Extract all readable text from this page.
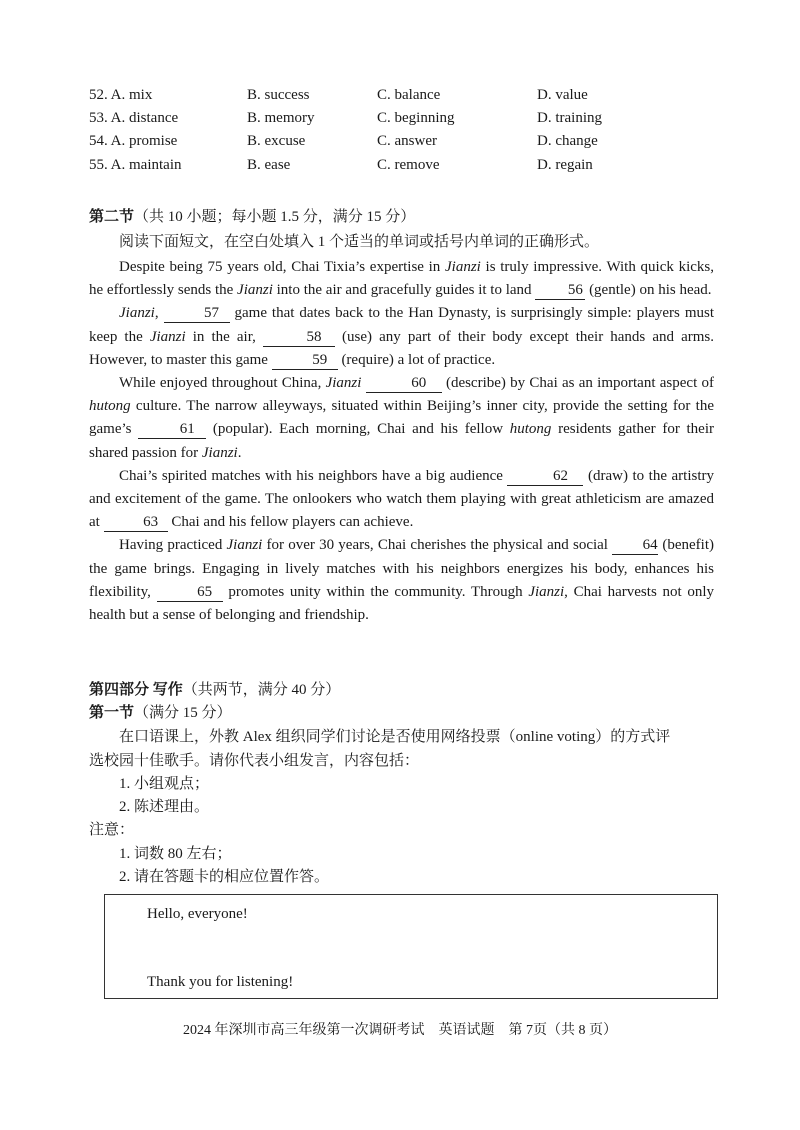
52. A. mix	B. success	C. balance	D. value
53. A. distance	B. memory	C. beginning	D. training
54. A. promise	B. excuse	C. answer	D. change
55. A. maintain	B. ease	C. remove	D. regain
第二节（共 10 小题；每小题 1.5 分，满分 15 分）
阅读下面短文，在空白处填入 1 个适当的单词或括号内单词的正确形式。

Despite being 75 years old, Chai Tixia’s expertise in Jianzi is truly impressive. With quick kicks, he effortlessly sends the Jianzi into the air and gracefully guides it to land 56 (gentle) on his head.

Jianzi,	57 game that dates back to the Han Dynasty, is surprisingly simple: players must keep the Jianzi in the air,	58 (use) any part of their body except their hands and arms. However, to master this game	59 (require) a lot of practice.

While enjoyed throughout China, Jianzi	60 (describe) by Chai as an important aspect of hutong culture. The narrow alleyways, situated within Beijing’s inner city, provide the setting for the game’s	61 (popular). Each morning, Chai and his fellow hutong residents gather for their shared passion for Jianzi.

Chai’s spirited matches with his neighbors have a big audience	62 (draw) to the artistry and excitement of the game. The onlookers who watch them playing with great athleticism are amazed at	63 Chai and his fellow players can achieve.

Having practiced Jianzi for over 30 years, Chai cherishes the physical and social 64 (benefit) the game brings. Engaging in lively matches with his neighbors energizes his body, enhances his flexibility,	65 promotes unity within the community. Through Jianzi, Chai harvests not only health but a sense of belonging and friendship.

第四部分 写作（共两节，满分 40 分）
第一节（满分 15 分）
在口语课上，外教 Alex 组织同学们讨论是否使用网络投票（online voting）的方式评
选校园十佳歌手。请你代表小组发言，内容包括：
1. 小组观点；
2. 陈述理由。
注意：
1. 词数 80 左右；
2. 请在答题卡的相应位置作答。
Hello, everyone!
Thank you for listening!
2024 年深圳市高三年级第一次调研考试　英语试题　第 7页（共 8 页）
